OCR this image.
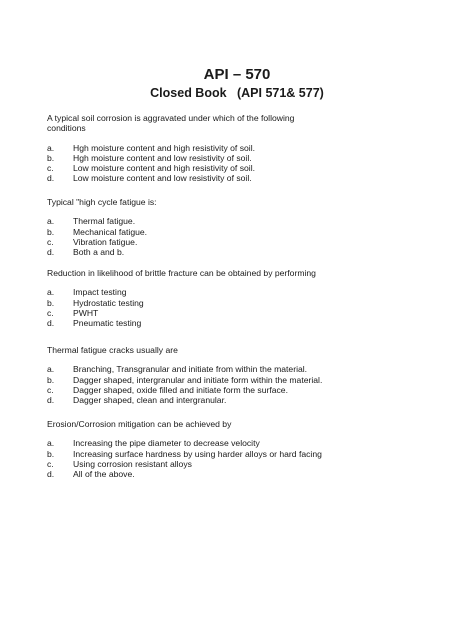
API – 570
Closed Book   (API 571& 577)

A typical soil corrosion is aggravated under which of the following conditions

a. Hgh moisture content and high resistivity of soil.
b. Hgh moisture content and low resistivity of soil.
c. Low moisture content and high resistivity of soil.
d. Low moisture content and low resistivity of soil.

Typical "high cycle fatigue is:

a. Thermal fatigue.
b. Mechanical fatigue.
c. Vibration fatigue.
d. Both a and b.

Reduction in likelihood of brittle fracture can be obtained by performing

a. Impact testing
b. Hydrostatic testing
c. PWHT
d. Pneumatic testing

Thermal fatigue cracks usually are

a. Branching, Transgranular and initiate from within the material.
b. Dagger shaped, intergranular and initiate form within the material.
c. Dagger shaped, oxide filled and initiate form the surface.
d. Dagger shaped, clean and intergranular.

Erosion/Corrosion mitigation can be achieved by

a. Increasing the pipe diameter to decrease velocity
b. Increasing surface hardness by using harder alloys or hard facing
c. Using corrosion resistant alloys
d. All of the above.
